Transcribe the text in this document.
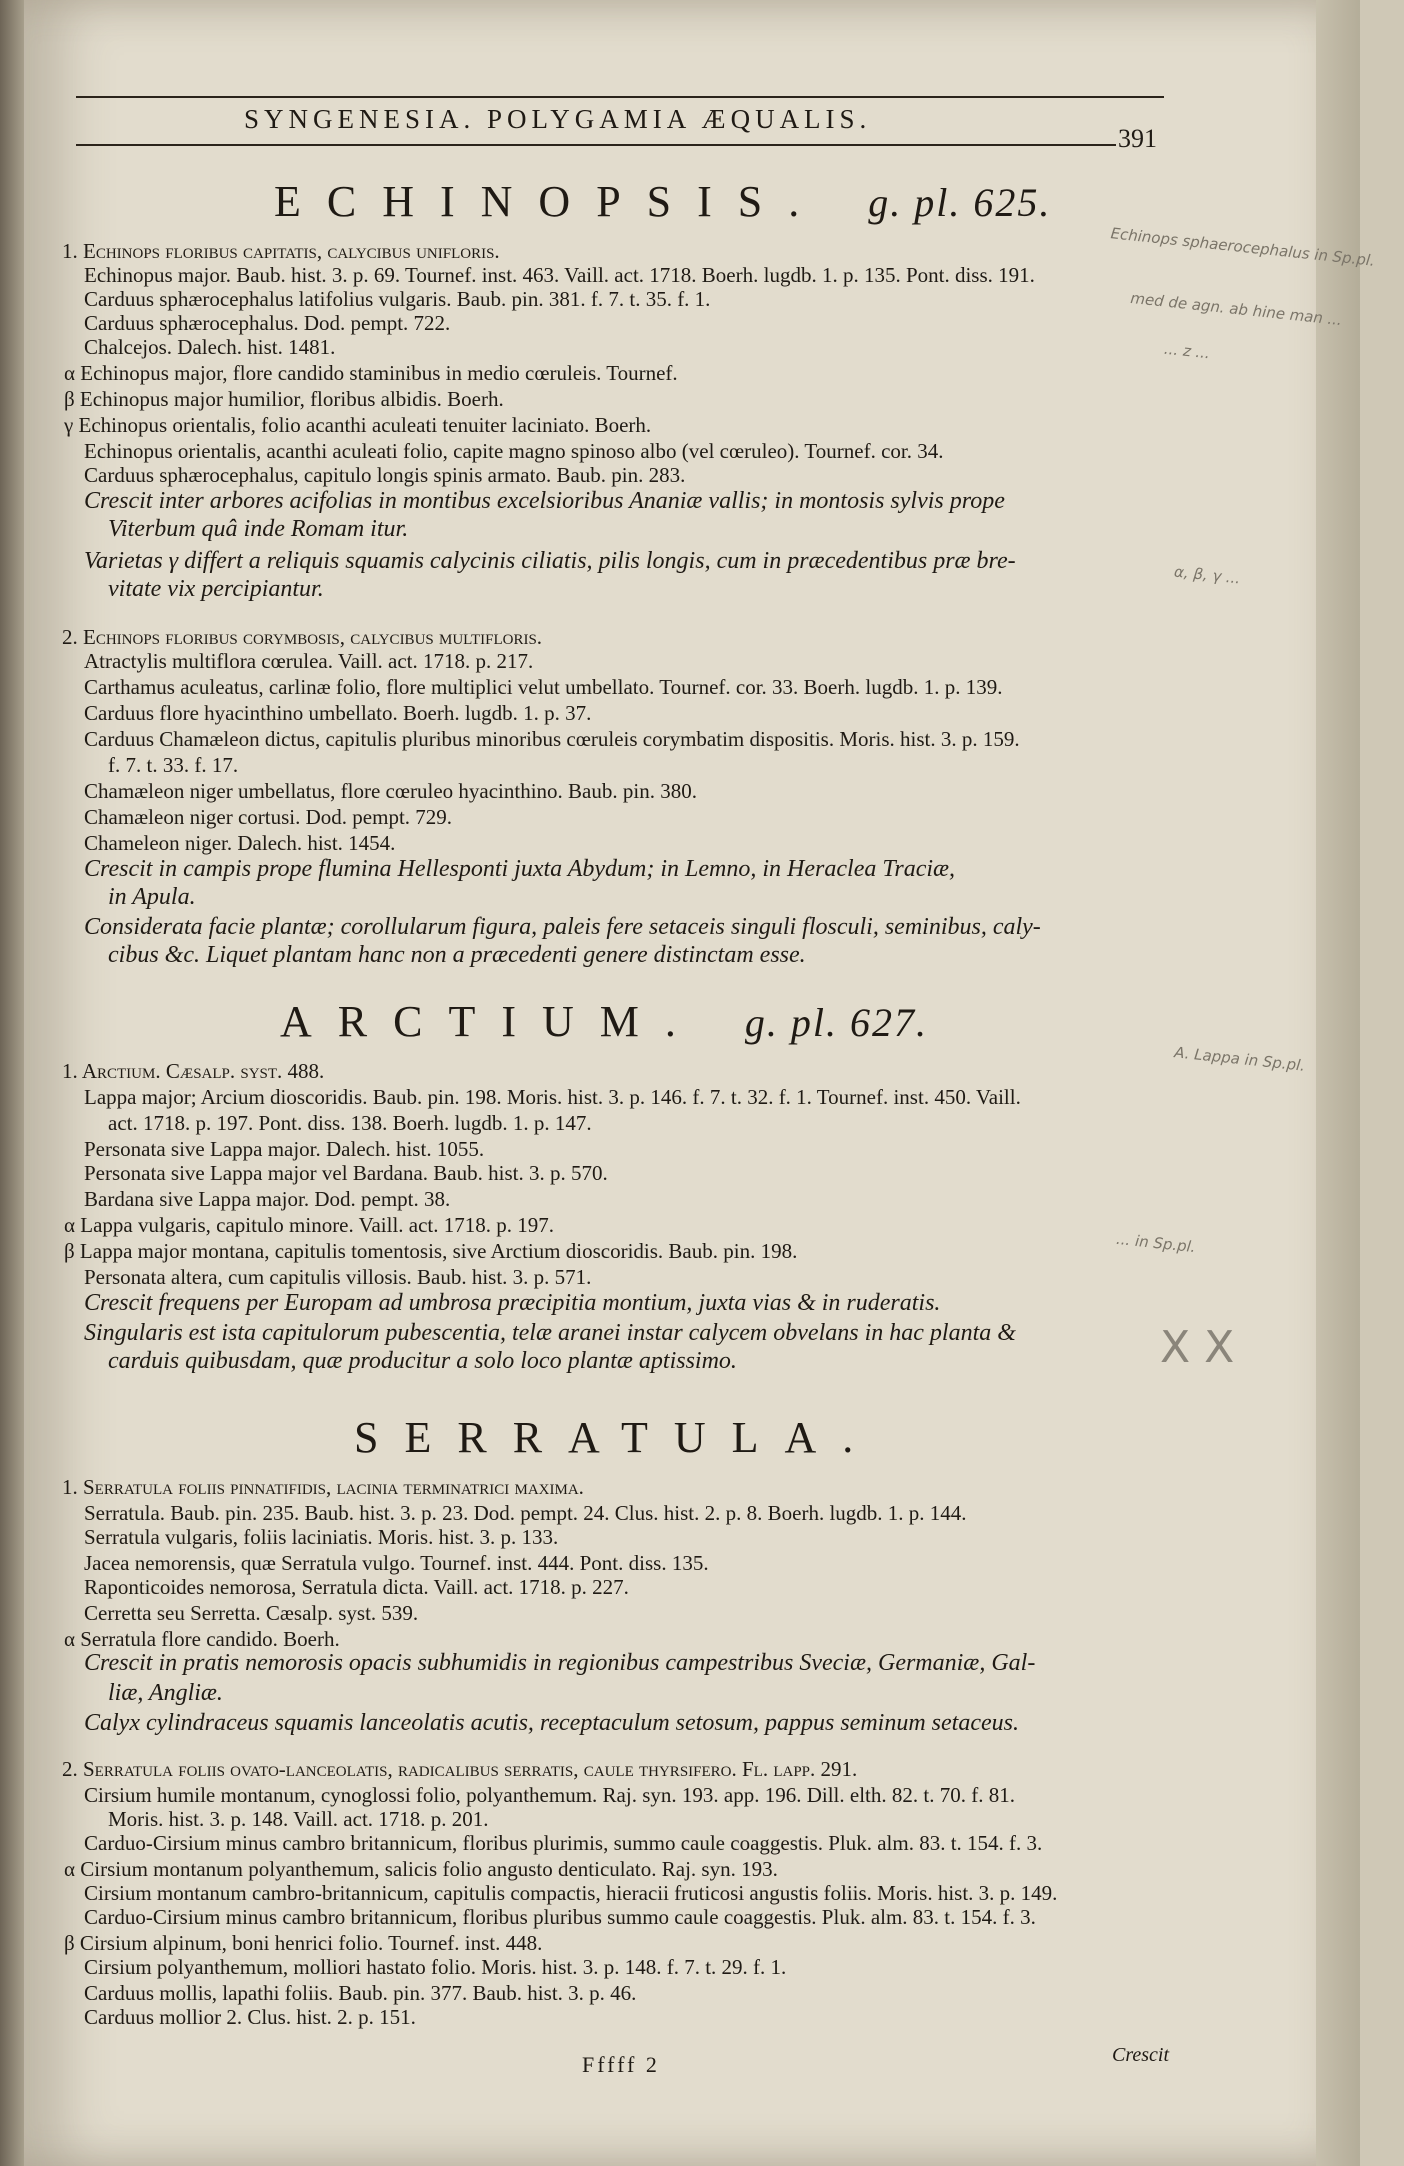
SYNGENESIA. POLYGAMIA ÆQUALIS.
391
ECHINOPSIS. g. pl. 625.
1. Echinops floribus capitatis, calycibus unifloris.
Echinopus major. Baub. hist. 3. p. 69. Tournef. inst. 463. Vaill. act. 1718. Boerh. lugdb. 1. p. 135. Pont. diss. 191.
Carduus sphærocephalus latifolius vulgaris. Baub. pin. 381. f. 7. t. 35. f. 1.
Carduus sphærocephalus. Dod. pempt. 722.
Chalcejos. Dalech. hist. 1481.
α Echinopus major, flore candido staminibus in medio cœruleis. Tournef.
β Echinopus major humilior, floribus albidis. Boerh.
γ Echinopus orientalis, folio acanthi aculeati tenuiter laciniato. Boerh.
Echinopus orientalis, acanthi aculeati folio, capite magno spinoso albo (vel cœruleo). Tournef. cor. 34.
Carduus sphærocephalus, capitulo longis spinis armato. Baub. pin. 283.
Crescit inter arbores acifolias in montibus excelsioribus Ananiæ vallis; in montosis sylvis prope
Viterbum quâ inde Romam itur.
Varietas γ differt a reliquis squamis calycinis ciliatis, pilis longis, cum in præcedentibus præ bre-
vitate vix percipiantur.
2. Echinops floribus corymbosis, calycibus multifloris.
Atractylis multiflora cœrulea. Vaill. act. 1718. p. 217.
Carthamus aculeatus, carlinæ folio, flore multiplici velut umbellato. Tournef. cor. 33. Boerh. lugdb. 1. p. 139.
Carduus flore hyacinthino umbellato. Boerh. lugdb. 1. p. 37.
Carduus Chamæleon dictus, capitulis pluribus minoribus cœruleis corymbatim dispositis. Moris. hist. 3. p. 159.
f. 7. t. 33. f. 17.
Chamæleon niger umbellatus, flore cœruleo hyacinthino. Baub. pin. 380.
Chamæleon niger cortusi. Dod. pempt. 729.
Chameleon niger. Dalech. hist. 1454.
Crescit in campis prope flumina Hellesponti juxta Abydum; in Lemno, in Heraclea Traciæ,
in Apula.
Considerata facie plantæ; corollularum figura, paleis fere setaceis singuli flosculi, seminibus, caly-
cibus &c. Liquet plantam hanc non a præcedenti genere distinctam esse.
ARCTIUM. g. pl. 627.
1. Arctium. Cæsalp. syst. 488.
Lappa major; Arcium dioscoridis. Baub. pin. 198. Moris. hist. 3. p. 146. f. 7. t. 32. f. 1. Tournef. inst. 450. Vaill.
act. 1718. p. 197. Pont. diss. 138. Boerh. lugdb. 1. p. 147.
Personata sive Lappa major. Dalech. hist. 1055.
Personata sive Lappa major vel Bardana. Baub. hist. 3. p. 570.
Bardana sive Lappa major. Dod. pempt. 38.
α Lappa vulgaris, capitulo minore. Vaill. act. 1718. p. 197.
β Lappa major montana, capitulis tomentosis, sive Arctium dioscoridis. Baub. pin. 198.
Personata altera, cum capitulis villosis. Baub. hist. 3. p. 571.
Crescit frequens per Europam ad umbrosa præcipitia montium, juxta vias & in ruderatis.
Singularis est ista capitulorum pubescentia, telæ aranei instar calycem obvelans in hac planta &
carduis quibusdam, quæ producitur a solo loco plantæ aptissimo.
SERRATULA.
1. Serratula foliis pinnatifidis, lacinia terminatrici maxima.
Serratula. Baub. pin. 235. Baub. hist. 3. p. 23. Dod. pempt. 24. Clus. hist. 2. p. 8. Boerh. lugdb. 1. p. 144.
Serratula vulgaris, foliis laciniatis. Moris. hist. 3. p. 133.
Jacea nemorensis, quæ Serratula vulgo. Tournef. inst. 444. Pont. diss. 135.
Raponticoides nemorosa, Serratula dicta. Vaill. act. 1718. p. 227.
Cerretta seu Serretta. Cæsalp. syst. 539.
α Serratula flore candido. Boerh.
Crescit in pratis nemorosis opacis subhumidis in regionibus campestribus Sveciæ, Germaniæ, Gal-
liæ, Angliæ.
Calyx cylindraceus squamis lanceolatis acutis, receptaculum setosum, pappus seminum setaceus.
2. Serratula foliis ovato-lanceolatis, radicalibus serratis, caule thyrsifero. Fl. lapp. 291.
Cirsium humile montanum, cynoglossi folio, polyanthemum. Raj. syn. 193. app. 196. Dill. elth. 82. t. 70. f. 81.
Moris. hist. 3. p. 148. Vaill. act. 1718. p. 201.
Carduo-Cirsium minus cambro britannicum, floribus plurimis, summo caule coaggestis. Pluk. alm. 83. t. 154. f. 3.
α Cirsium montanum polyanthemum, salicis folio angusto denticulato. Raj. syn. 193.
Cirsium montanum cambro-britannicum, capitulis compactis, hieracii fruticosi angustis foliis. Moris. hist. 3. p. 149.
Carduo-Cirsium minus cambro britannicum, floribus pluribus summo caule coaggestis. Pluk. alm. 83. t. 154. f. 3.
β Cirsium alpinum, boni henrici folio. Tournef. inst. 448.
Cirsium polyanthemum, molliori hastato folio. Moris. hist. 3. p. 148. f. 7. t. 29. f. 1.
Carduus mollis, lapathi foliis. Baub. pin. 377. Baub. hist. 3. p. 46.
Carduus mollior 2. Clus. hist. 2. p. 151.
Echinops sphaerocephalus in Sp.pl.
med de agn. ab hine man ...
... z ...
α, β, γ ...
A. Lappa in Sp.pl.
... in Sp.pl.
X X
Fffff 2	Crescit
